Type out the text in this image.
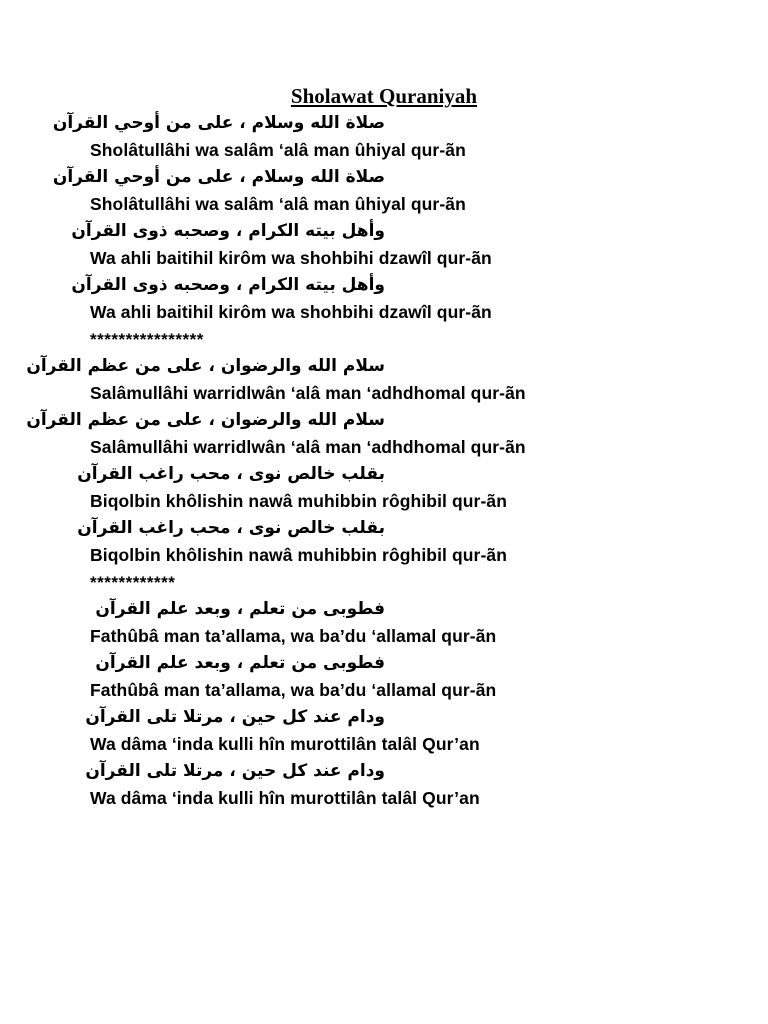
Sholawat Quraniyah
صلاة الله وسلام ، على من أوحي القرآن
Sholâtullâhi wa salâm ‘alâ man ûhiyal qur-ãn
صلاة الله وسلام ، على من أوحي القرآن
Sholâtullâhi wa salâm ‘alâ man ûhiyal qur-ãn
وأهل بيته الكرام ، وصحبه ذوى القرآن
Wa ahli baitihil kirôm wa shohbihi dzawîl qur-ãn
وأهل بيته الكرام ، وصحبه ذوى القرآن
Wa ahli baitihil kirôm wa shohbihi dzawîl qur-ãn
****************
سلام الله والرضوان ، على من عظم القرآن
Salâmullâhi warridlwân ‘alâ man ‘adhdhomal qur-ãn
سلام الله والرضوان ، على من عظم القرآن
Salâmullâhi warridlwân ‘alâ man ‘adhdhomal qur-ãn
بقلب خالص نوى ، محب راغب القرآن
Biqolbin khôlishin nawâ muhibbin rôghibil qur-ãn
بقلب خالص نوى ، محب راغب القرآن
Biqolbin khôlishin nawâ muhibbin rôghibil qur-ãn
************
فطوبى من تعلم ، وبعد علم القرآن
Fathûbâ man ta’allama, wa ba’du ‘allamal qur-ãn
فطوبى من تعلم ، وبعد علم القرآن
Fathûbâ man ta’allama, wa ba’du ‘allamal qur-ãn
ودام عند كل حين ، مرتلا تلى القرآن
Wa dâma ‘inda kulli hîn murottilân talâl Qur’an
ودام عند كل حين ، مرتلا تلى القرآن
Wa dâma ‘inda kulli hîn murottilân talâl Qur’an
